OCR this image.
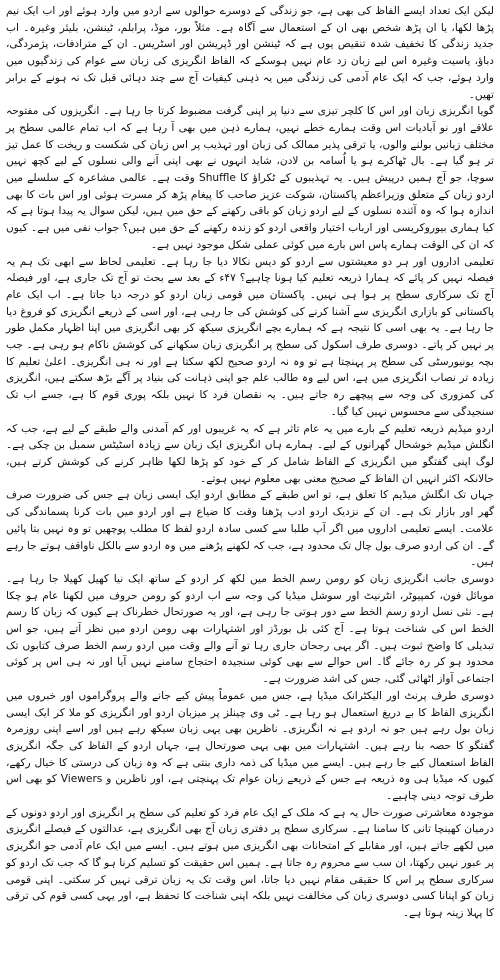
لیکن ایک تعداد ایسے الفاظ کی بھی ہے، جو زندگی کے دوسرے حوالوں سے اردو میں وارد ہوئے اور اب ایک نیم پڑھا لکھا، یا ان پڑھ شخص بھی ان کے استعمال سے آگاہ ہے۔ مثلاً بور، موڈ، پرابلم، ٹینشن، بلیئر وغیرہ۔ اب جدید زندگی کا تخفیف شدہ تنقیص یوں ہے کہ ٹینشن اور ڈپریشن اور اسٹریس۔ ان کے مترادفات، پژمردگی، دباؤ، یاسیت وغیرہ اس لیے زبان زد عام نہیں ہوسکے کہ الفاظ انگریزی کی زبان سے عوام کی زندگیوں میں وارد ہوئے، جب کہ ایک عام آدمی کی زندگی میں یہ ذہنی کیفیات آج سے چند دہائی قبل تک نہ ہونے کے برابر تھیں۔

گویا انگریزی زبان اور اس کا کلچر تیزی سے دنیا پر اپنی گرفت مضبوط کرتا جا رہا ہے۔ انگریزوں کی مفتوحہ علاقے اور نو آبادیات اس وقت ہمارے خطے نہیں، ہمارے ذہن میں بھی آ رہا ہے کہ اب تمام عالمی سطح پر مختلف زبانیں بولنے والوں، یا ترقی پذیر ممالک کی زبان اور تہذیب پر اس زبان کی شکست و ریخت کا عمل تیز تر ہو گیا ہے۔ بال ٹھاکرے ہو یا اُسامہ بن لادن، شاید انہوں نے بھی اپنی آنے والی نسلوں کے لیے کچھ نہیں سوچا، جو آج ہمیں درپیش ہیں۔ یہ تہذیبوں کے ٹکراؤ کا Shuffle وقت ہے۔ عالمی مشاعرہ کے سلسلے میں اردو زبان کے متعلق وزیراعظم پاکستان، شوکت عزیز صاحب کا پیغام پڑھ کر مسرت ہوئی اور اس بات کا بھی اندازہ ہوا کہ وہ آئندہ نسلوں کے لیے اردو زبان کو باقی رکھنے کے حق میں ہیں، لیکن سوال یہ پیدا ہوتا ہے کہ کیا ہماری بیوروکریسی اور ارباب اختیار واقعی اردو کو زندہ رکھنے کے حق میں ہیں؟ جواب نفی میں ہے۔ کیوں کہ ان کی الوقت ہمارے پاس اس بارے میں کوئی عملی شکل موجود نہیں ہے۔

تعلیمی اداروں اور ہر دو معیشتوں سے اردو کو دیس نکالا دیا جا رہا ہے۔ تعلیمی لحاظ سے ابھی تک ہم یہ فیصلہ نہیں کر پائے کہ ہمارا ذریعہ تعلیم کیا ہونا چاہیے؟ ۴۷ء کے بعد سے بحث تو آج تک جاری ہے، اور فیصلہ آج تک سرکاری سطح پر ہوا ہی نہیں۔ پاکستان میں قومی زبان اردو کو درجہ دیا جاتا ہے۔ اب ایک عام پاکستانی کو بازاری انگریزی سے آشنا کرنے کی کوشش کی جا رہی ہے، اور اسی کے ذریعے انگریزی کو فروغ دیا جا رہا ہے۔ یہ بھی اسی کا نتیجہ ہے کہ ہمارے بچے انگریزی سیکھ کر بھی انگریزی میں اپنا اظہار مکمل طور پر نہیں کر پاتے۔ دوسری طرف اسکول کی سطح پر انگریزی زبان سکھانے کی کوشش ناکام ہو رہی ہے۔ جب بچہ یونیورسٹی کی سطح پر پہنچتا ہے تو وہ نہ اردو صحیح لکھ سکتا ہے اور نہ ہی انگریزی۔ اعلیٰ تعلیم کا زیادہ تر نصاب انگریزی میں ہے، اس لیے وہ طالب علم جو اپنی ذہانت کی بنیاد پر آگے بڑھ سکتے ہیں، انگریزی کی کمزوری کی وجہ سے پیچھے رہ جاتے ہیں۔ یہ نقصان فرد کا نہیں بلکہ پوری قوم کا ہے، جسے اب تک سنجیدگی سے محسوس نہیں کیا گیا۔

اردو میڈیم ذریعہ تعلیم کے بارے میں یہ عام تاثر ہے کہ یہ غریبوں اور کم آمدنی والے طبقے کے لیے ہے، جب کہ انگلش میڈیم خوشحال گھرانوں کے لیے۔ ہمارے ہاں انگریزی ایک زبان سے زیادہ اسٹیٹس سمبل بن چکی ہے۔ لوگ اپنی گفتگو میں انگریزی کے الفاظ شامل کر کے خود کو پڑھا لکھا ظاہر کرنے کی کوشش کرتے ہیں، حالانکہ اکثر انہیں ان الفاظ کے صحیح معنی بھی معلوم نہیں ہوتے۔

جہاں تک انگلش میڈیم کا تعلق ہے، تو اس طبقے کے مطابق اردو ایک ایسی زبان ہے جس کی ضرورت صرف گھر اور بازار تک ہے۔ ان کے نزدیک اردو ادب پڑھنا وقت کا ضیاع ہے اور اردو میں بات کرنا پسماندگی کی علامت۔ ایسے تعلیمی اداروں میں اگر آپ طلبا سے کسی سادہ اردو لفظ کا مطلب پوچھیں تو وہ نہیں بتا پائیں گے۔ ان کی اردو صرف بول چال تک محدود ہے، جب کہ لکھنے پڑھنے میں وہ اردو سے بالکل ناواقف ہوتے جا رہے ہیں۔

دوسری جانب انگریزی زبان کو رومن رسم الخط میں لکھ کر اردو کے ساتھ ایک نیا کھیل کھیلا جا رہا ہے۔ موبائل فون، کمپیوٹر، انٹرنیٹ اور سوشل میڈیا کی وجہ سے اب اردو کو رومن حروف میں لکھنا عام ہو چکا ہے۔ نئی نسل اردو رسم الخط سے دور ہوتی جا رہی ہے، اور یہ صورتحال خطرناک ہے کیوں کہ زبان کا رسم الخط اس کی شناخت ہوتا ہے۔ آج کئی بل بورڈز اور اشتہارات بھی رومن اردو میں نظر آتے ہیں، جو اس تبدیلی کا واضح ثبوت ہیں۔ اگر یہی رجحان جاری رہا تو آنے والے وقت میں اردو رسم الخط صرف کتابوں تک محدود ہو کر رہ جائے گا۔ اس حوالے سے بھی کوئی سنجیدہ احتجاج سامنے نہیں آیا اور نہ ہی اس پر کوئی اجتماعی آواز اٹھائی گئی، جس کی اشد ضرورت ہے۔

دوسری طرف پرنٹ اور الیکٹرانک میڈیا ہے، جس میں عموماً پیش کیے جانے والے پروگراموں اور خبروں میں انگریزی الفاظ کا بے دریغ استعمال ہو رہا ہے۔ ٹی وی چینلز پر میزبان اردو اور انگریزی کو ملا کر ایک ایسی زبان بول رہے ہیں جو نہ اردو ہے نہ انگریزی۔ ناظرین بھی یہی زبان سیکھ رہے ہیں اور اسے اپنی روزمرہ گفتگو کا حصہ بنا رہے ہیں۔ اشتہارات میں بھی یہی صورتحال ہے، جہاں اردو کے الفاظ کی جگہ انگریزی الفاظ استعمال کیے جا رہے ہیں۔ ایسے میں میڈیا کی ذمہ داری بنتی ہے کہ وہ زبان کی درستی کا خیال رکھے، کیوں کہ میڈیا ہی وہ ذریعہ ہے جس کے ذریعے زبان عوام تک پہنچتی ہے، اور ناظرین و Viewers کو بھی اس طرف توجہ دینی چاہیے۔

موجودہ معاشرتی صورت حال یہ ہے کہ ملک کے ایک عام فرد کو تعلیم کی سطح پر انگریزی اور اردو دونوں کے درمیان کھینچا تانی کا سامنا ہے۔ سرکاری سطح پر دفتری زبان آج بھی انگریزی ہے، عدالتوں کے فیصلے انگریزی میں لکھے جاتے ہیں، اور مقابلے کے امتحانات بھی انگریزی میں ہوتے ہیں۔ ایسے میں ایک عام آدمی جو انگریزی پر عبور نہیں رکھتا، ان سب سے محروم رہ جاتا ہے۔ ہمیں اس حقیقت کو تسلیم کرنا ہو گا کہ جب تک اردو کو سرکاری سطح پر اس کا حقیقی مقام نہیں دیا جاتا، اس وقت تک یہ زبان ترقی نہیں کر سکتی۔ اپنی قومی زبان کو اپنانا کسی دوسری زبان کی مخالفت نہیں بلکہ اپنی شناخت کا تحفظ ہے، اور یہی کسی قوم کی ترقی کا پہلا زینہ ہوتا ہے۔
